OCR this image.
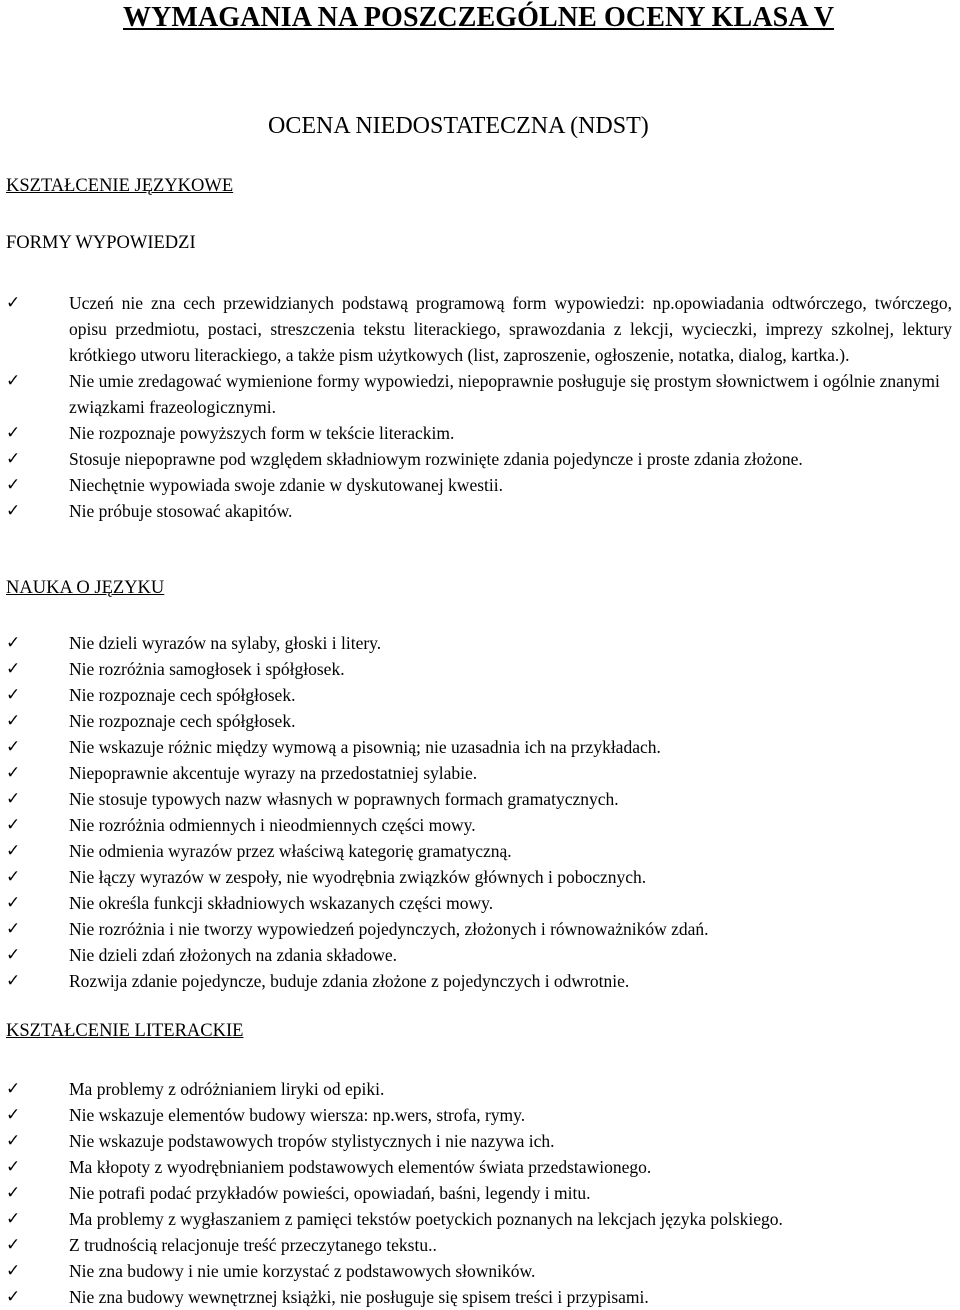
WYMAGANIA NA POSZCZEGÓLNE OCENY KLASA V
OCENA NIEDOSTATECZNA (NDST)
KSZTAŁCENIE JĘZYKOWE
FORMY WYPOWIEDZI
✓	Uczeń nie zna cech przewidzianych podstawą programową form wypowiedzi: np.opowiadania odtwórczego, twórczego, opisu przedmiotu, postaci, streszczenia tekstu literackiego, sprawozdania z lekcji, wycieczki, imprezy szkolnej, lektury krótkiego utworu literackiego, a także pism użytkowych (list, zaproszenie, ogłoszenie, notatka, dialog, kartka.).
✓	Nie umie zredagować wymienione formy wypowiedzi, niepoprawnie posługuje się prostym słownictwem i ogólnie znanymi związkami frazeologicznymi.
✓	Nie rozpoznaje powyższych form w tekście literackim.
✓	Stosuje niepoprawne pod względem składniowym rozwinięte zdania pojedyncze i proste zdania złożone.
✓	Niechętnie wypowiada swoje zdanie w dyskutowanej kwestii.
✓	Nie próbuje stosować akapitów.
NAUKA O JĘZYKU
✓	Nie dzieli wyrazów na sylaby, głoski i litery.
✓	Nie rozróżnia samogłosek i spółgłosek.
✓	Nie rozpoznaje cech spółgłosek.
✓	Nie rozpoznaje cech spółgłosek.
✓	Nie wskazuje różnic między wymową a pisownią; nie uzasadnia ich na przykładach.
✓	Niepoprawnie akcentuje wyrazy na przedostatniej sylabie.
✓	Nie stosuje typowych nazw własnych w poprawnych formach gramatycznych.
✓	Nie rozróżnia odmiennych i nieodmiennych części mowy.
✓	Nie odmienia wyrazów przez właściwą kategorię gramatyczną.
✓	Nie łączy wyrazów w zespoły, nie wyodrębnia związków głównych i pobocznych.
✓	Nie określa funkcji składniowych wskazanych części mowy.
✓	Nie rozróżnia i nie tworzy wypowiedzeń pojedynczych, złożonych i równoważników zdań.
✓	Nie dzieli zdań złożonych na zdania składowe.
✓	Rozwija zdanie pojedyncze, buduje zdania złożone z pojedynczych i odwrotnie.
KSZTAŁCENIE LITERACKIE
✓	Ma problemy z odróżnianiem liryki od epiki.
✓	Nie wskazuje elementów budowy wiersza: np.wers, strofa, rymy.
✓	Nie wskazuje podstawowych tropów stylistycznych i nie nazywa ich.
✓	Ma kłopoty z wyodrębnianiem podstawowych elementów świata przedstawionego.
✓	Nie potrafi podać przykładów powieści, opowiadań, baśni, legendy i mitu.
✓	Ma problemy z wygłaszaniem z pamięci tekstów poetyckich poznanych na lekcjach języka polskiego.
✓	Z trudnością relacjonuje treść przeczytanego tekstu..
✓	Nie zna budowy i nie umie korzystać z podstawowych słowników.
✓	Nie zna budowy wewnętrznej książki, nie posługuje się spisem treści i przypisami.
